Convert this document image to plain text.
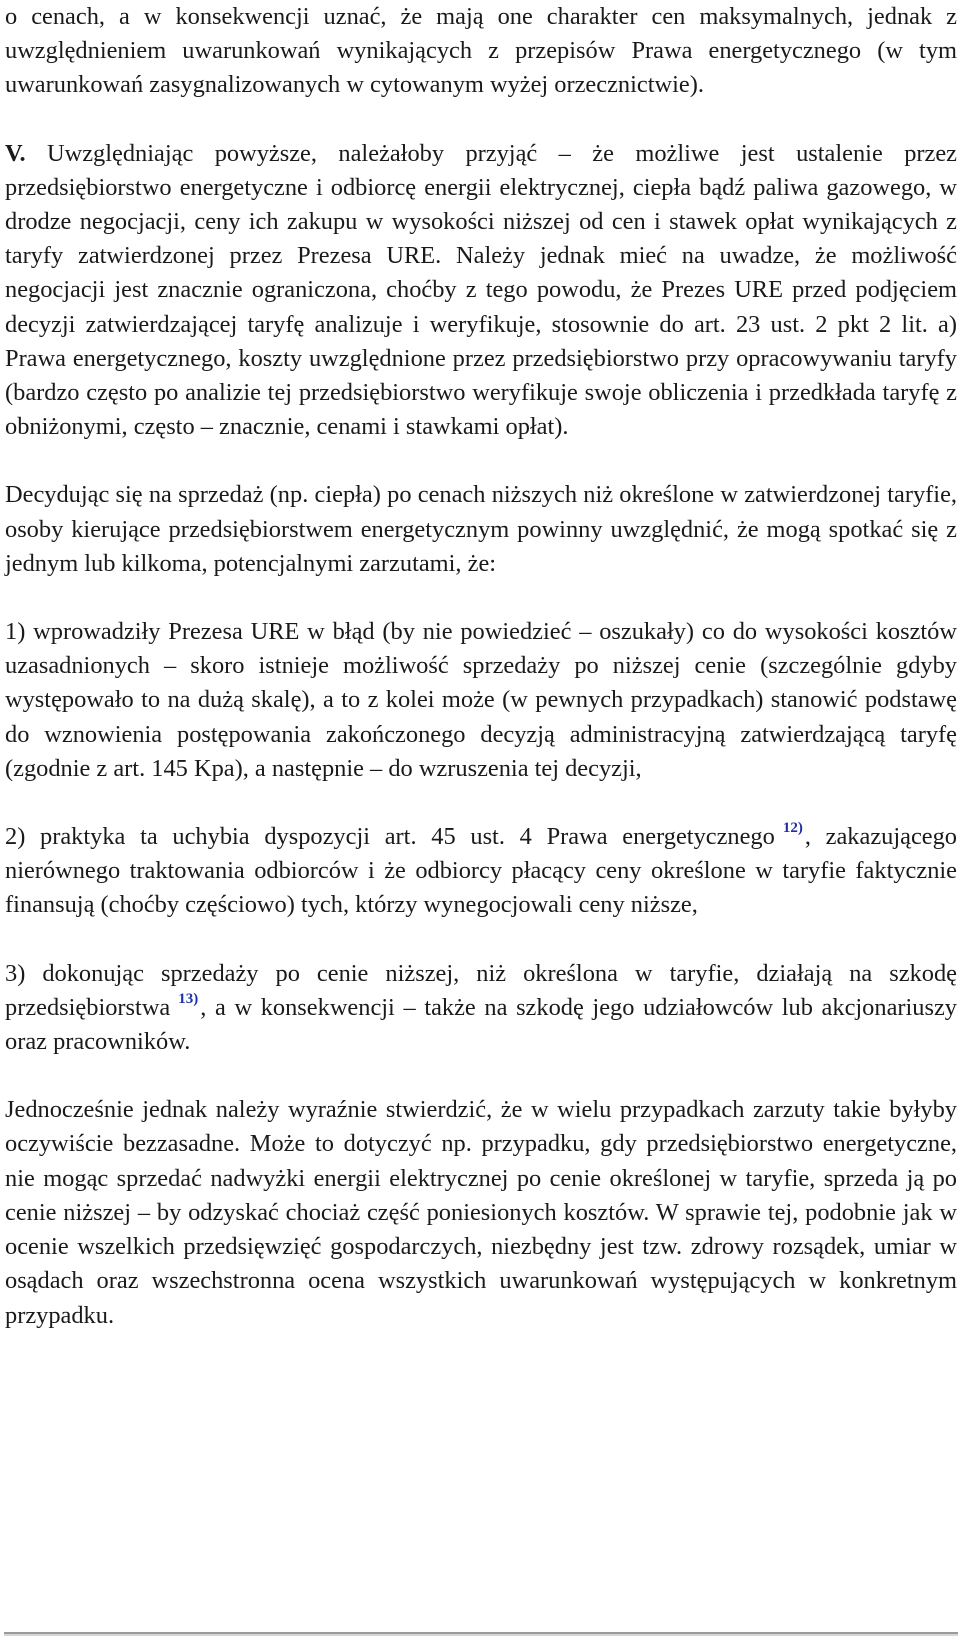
o cenach, a w konsekwencji uznać, że mają one charakter cen maksymalnych, jednak z uwzględnieniem uwarunkowań wynikających z przepisów Prawa energetycznego (w tym uwarunkowań zasygnalizowanych w cytowanym wyżej orzecznictwie).

V. Uwzględniając powyższe, należałoby przyjąć – że możliwe jest ustalenie przez przedsiębiorstwo energetyczne i odbiorcę energii elektrycznej, ciepła bądź paliwa gazowego, w drodze negocjacji, ceny ich zakupu w wysokości niższej od cen i stawek opłat wynikających z taryfy zatwierdzonej przez Prezesa URE. Należy jednak mieć na uwadze, że możliwość negocjacji jest znacznie ograniczona, choćby z tego powodu, że Prezes URE przed podjęciem decyzji zatwierdzającej taryfę analizuje i weryfikuje, stosownie do art. 23 ust. 2 pkt 2 lit. a) Prawa energetycznego, koszty uwzględnione przez przedsiębiorstwo przy opracowywaniu taryfy (bardzo często po analizie tej przedsiębiorstwo weryfikuje swoje obliczenia i przedkłada taryfę z obniżonymi, często – znacznie, cenami i stawkami opłat).

Decydując się na sprzedaż (np. ciepła) po cenach niższych niż określone w zatwierdzonej taryfie, osoby kierujące przedsiębiorstwem energetycznym powinny uwzględnić, że mogą spotkać się z jednym lub kilkoma, potencjalnymi zarzutami, że:

1) wprowadziły Prezesa URE w błąd (by nie powiedzieć – oszukały) co do wysokości kosztów uzasadnionych – skoro istnieje możliwość sprzedaży po niższej cenie (szczególnie gdyby występowało to na dużą skalę), a to z kolei może (w pewnych przypadkach) stanowić podstawę do wznowienia postępowania zakończonego decyzją administracyjną zatwierdzającą taryfę (zgodnie z art. 145 Kpa), a następnie – do wzruszenia tej decyzji,

2) praktyka ta uchybia dyspozycji art. 45 ust. 4 Prawa energetycznego $^{12)}$, zakazującego nierównego traktowania odbiorców i że odbiorcy płacący ceny określone w taryfie faktycznie finansują (choćby częściowo) tych, którzy wynegocjowali ceny niższe,

3) dokonując sprzedaży po cenie niższej, niż określona w taryfie, działają na szkodę przedsiębiorstwa $^{13)}$, a w konsekwencji – także na szkodę jego udziałowców lub akcjonariuszy oraz pracowników.

Jednocześnie jednak należy wyraźnie stwierdzić, że w wielu przypadkach zarzuty takie byłyby oczywiście bezzasadne. Może to dotyczyć np. przypadku, gdy przedsiębiorstwo energetyczne, nie mogąc sprzedać nadwyżki energii elektrycznej po cenie określonej w taryfie, sprzeda ją po cenie niższej – by odzyskać chociaż część poniesionych kosztów. W sprawie tej, podobnie jak w ocenie wszelkich przedsięwzięć gospodarczych, niezbędny jest tzw. zdrowy rozsądek, umiar w osądach oraz wszechstronna ocena wszystkich uwarunkowań występujących w konkretnym przypadku.
